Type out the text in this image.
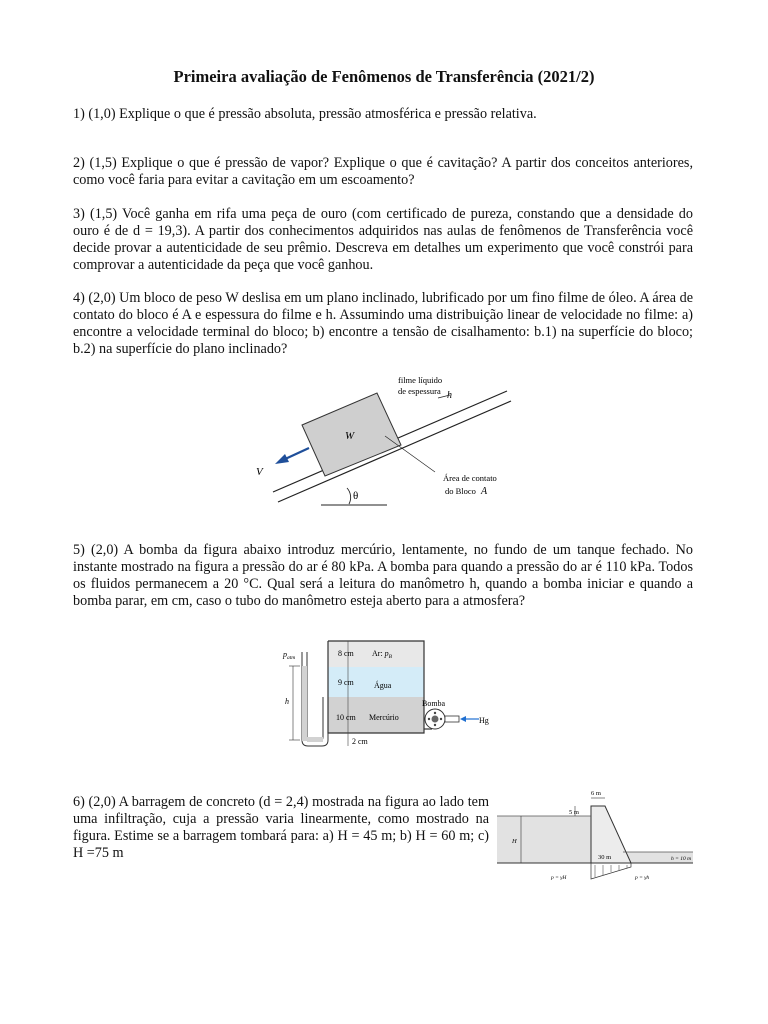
Primeira avaliação de Fenômenos de Transferência (2021/2)

1) (1,0) Explique o que é pressão absoluta, pressão atmosférica e pressão relativa.

2) (1,5) Explique o que é pressão de vapor? Explique o que é cavitação? A partir dos conceitos anteriores, como você faria para evitar a cavitação em um escoamento?

3) (1,5) Você ganha em rifa uma peça de ouro (com certificado de pureza, constando que a densidade do ouro é de d = 19,3). A partir dos conhecimentos adquiridos nas aulas de fenômenos de Transferência você decide provar a autenticidade de seu prêmio. Descreva em detalhes um experimento que você constrói para comprovar a autenticidade da peça que você ganhou.

4) (2,0) Um bloco de peso W deslisa em um plano inclinado, lubrificado por um fino filme de óleo. A área de contato do bloco é A e espessura do filme e h. Assumindo uma distribuição linear de velocidade no filme: a) encontre a velocidade terminal do bloco; b) encontre a tensão de cisalhamento: b.1) na superfície do bloco; b.2) na superfície do plano inclinado?

W
V
filme líquido
de espessura h
Área de contato
do Bloco A
θ

5) (2,0) A bomba da figura abaixo introduz mercúrio, lentamente, no fundo de um tanque fechado. No instante mostrado na figura a pressão do ar é 80 kPa. A bomba para quando a pressão do ar é 110 kPa. Todos os fluidos permanecem a 20 °C. Qual será a leitura do manômetro h, quando a bomba iniciar e quando a bomba parar, em cm, caso o tubo do manômetro esteja aberto para a atmosfera?

$p_{atm}$
h
8 cm
9 cm
10 cm
2 cm
Ar: $p_B$
Água
Mercúrio
Bomba
Hg

6) (2,0) A barragem de concreto (d = 2,4) mostrada na figura ao lado tem uma infiltração, cuja a pressão varia linearmente, como mostrado na figura. Estime se a barragem tombará para: a) H = 45 m; b) H = 60 m; c) H =75 m

6 m
5 m
H
30 m	h = 10 m
p = γH	p = γh
